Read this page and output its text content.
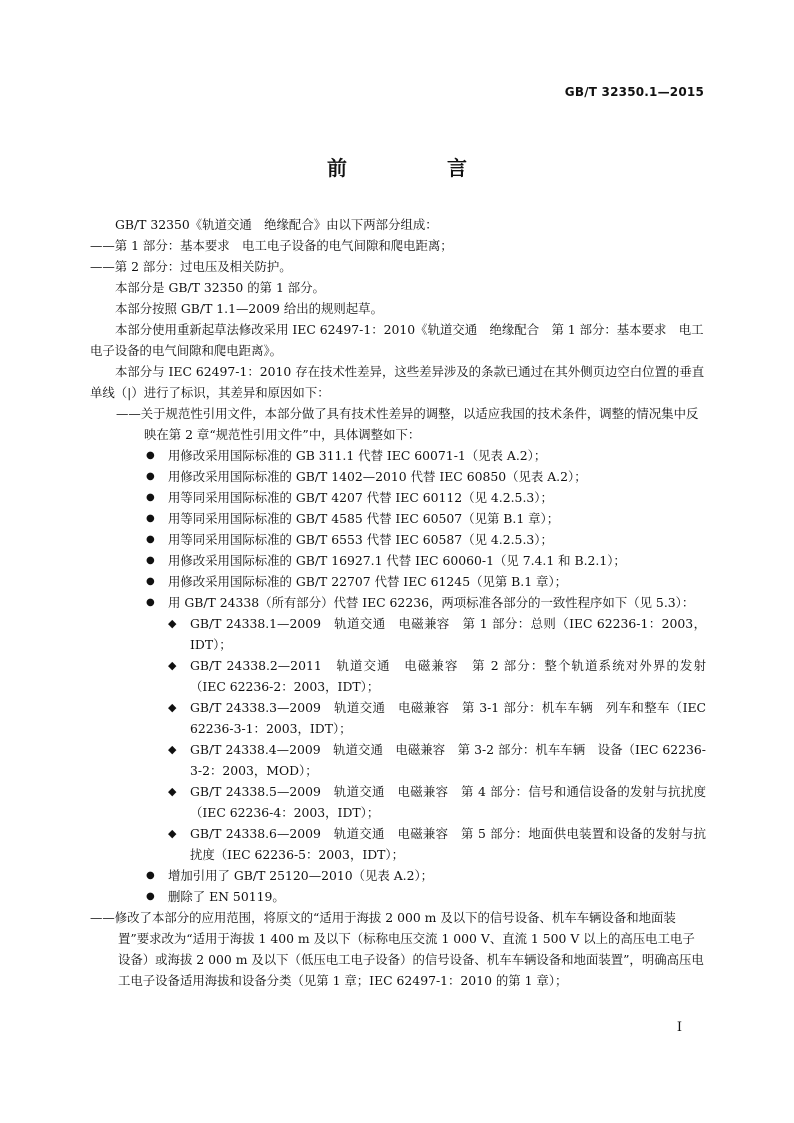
GB/T 32350.1—2015
前　言

GB/T 32350《轨道交通　绝缘配合》由以下两部分组成：

——第 1 部分：基本要求　电工电子设备的电气间隙和爬电距离；

——第 2 部分：过电压及相关防护。

本部分是 GB/T 32350 的第 1 部分。

本部分按照 GB/T 1.1—2009 给出的规则起草。

本部分使用重新起草法修改采用 IEC 62497-1：2010《轨道交通　绝缘配合　第 1 部分：基本要求　电工电子设备的电气间隙和爬电距离》。

本部分与 IEC 62497-1：2010 存在技术性差异，这些差异涉及的条款已通过在其外侧页边空白位置的垂直单线（|）进行了标识，其差异和原因如下：

——关于规范性引用文件，本部分做了具有技术性差异的调整，以适应我国的技术条件，调整的情况集中反映在第 2 章“规范性引用文件”中，具体调整如下：

●	用修改采用国际标准的 GB 311.1 代替 IEC 60071-1（见表 A.2）；
●	用修改采用国际标准的 GB/T 1402—2010 代替 IEC 60850（见表 A.2）；
●	用等同采用国际标准的 GB/T 4207 代替 IEC 60112（见 4.2.5.3）；
●	用等同采用国际标准的 GB/T 4585 代替 IEC 60507（见第 B.1 章）；
●	用等同采用国际标准的 GB/T 6553 代替 IEC 60587（见 4.2.5.3）；
●	用修改采用国际标准的 GB/T 16927.1 代替 IEC 60060-1（见 7.4.1 和 B.2.1）；
●	用修改采用国际标准的 GB/T 22707 代替 IEC 61245（见第 B.1 章）；
●	用 GB/T 24338（所有部分）代替 IEC 62236，两项标准各部分的一致性程序如下（见 5.3）：
◆	GB/T 24338.1—2009　轨道交通　电磁兼容　第 1 部分：总则（IEC 62236-1：2003，IDT）；
◆	GB/T 24338.2—2011　轨道交通　电磁兼容　第 2 部分：整个轨道系统对外界的发射（IEC 62236-2：2003，IDT）；
◆	GB/T 24338.3—2009　轨道交通　电磁兼容　第 3-1 部分：机车车辆　列车和整车（IEC 62236-3-1：2003，IDT）；
◆	GB/T 24338.4—2009　轨道交通　电磁兼容　第 3-2 部分：机车车辆　设备（IEC 62236-3-2：2003，MOD）；
◆	GB/T 24338.5—2009　轨道交通　电磁兼容　第 4 部分：信号和通信设备的发射与抗扰度（IEC 62236-4：2003，IDT）；
◆	GB/T 24338.6—2009　轨道交通　电磁兼容　第 5 部分：地面供电装置和设备的发射与抗扰度（IEC 62236-5：2003，IDT）；
●	增加引用了 GB/T 25120—2010（见表 A.2）；
●	删除了 EN 50119。

——修改了本部分的应用范围，将原文的“适用于海拔 2 000 m 及以下的信号设备、机车车辆设备和地面装置”要求改为“适用于海拔 1 400 m 及以下（标称电压交流 1 000 V、直流 1 500 V 以上的高压电工电子设备）或海拔 2 000 m 及以下（低压电工电子设备）的信号设备、机车车辆设备和地面装置”，明确高压电工电子设备适用海拔和设备分类（见第 1 章；IEC 62497-1：2010 的第 1 章）；

I
